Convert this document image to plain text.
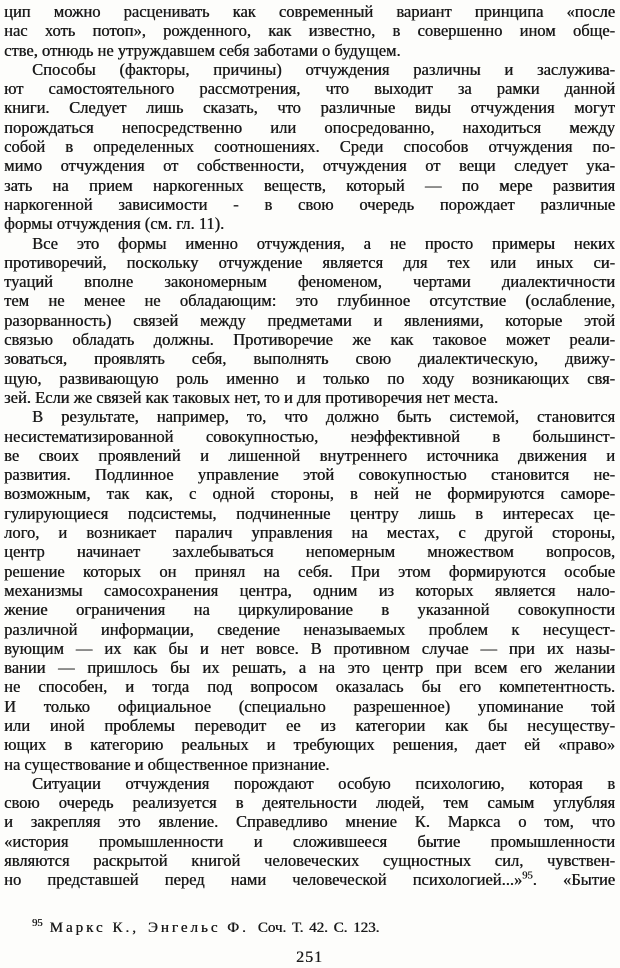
цип можно расценивать как современный вариант принципа «после
нас хоть потоп», рожденного, как известно, в совершенно ином обще-
стве, отнюдь не утруждавшем себя заботами о будущем.
Способы (факторы, причины) отчуждения различны и заслужива-
ют самостоятельного рассмотрения, что выходит за рамки данной
книги. Следует лишь сказать, что различные виды отчуждения могут
порождаться непосредственно или опосредованно, находиться между
собой в определенных соотношениях. Среди способов отчуждения по-
мимо отчуждения от собственности, отчуждения от вещи следует ука-
зать на прием наркогенных веществ, который — по мере развития
наркогенной зависимости - в свою очередь порождает различные
формы отчуждения (см. гл. 11).
Все это формы именно отчуждения, а не просто примеры неких
противоречий, поскольку отчуждение является для тех или иных си-
туаций вполне закономерным феноменом, чертами диалектичности
тем не менее не обладающим: это глубинное отсутствие (ослабление,
разорванность) связей между предметами и явлениями, которые этой
связью обладать должны. Противоречие же как таковое может реали-
зоваться, проявлять себя, выполнять свою диалектическую, движу-
щую, развивающую роль именно и только по ходу возникающих свя-
зей. Если же связей как таковых нет, то и для противоречия нет места.
В результате, например, то, что должно быть системой, становится
несистематизированной совокупностью, неэффективной в большинст-
ве своих проявлений и лишенной внутреннего источника движения и
развития. Подлинное управление этой совокупностью становится не-
возможным, так как, с одной стороны, в ней не формируются саморе-
гулирующиеся подсистемы, подчиненные центру лишь в интересах це-
лого, и возникает паралич управления на местах, с другой стороны,
центр начинает захлебываться непомерным множеством вопросов,
решение которых он принял на себя. При этом формируются особые
механизмы самосохранения центра, одним из которых является нало-
жение ограничения на циркулирование в указанной совокупности
различной информации, сведение неназываемых проблем к несущест-
вующим — их как бы и нет вовсе. В противном случае — при их назы-
вании — пришлось бы их решать, а на это центр при всем его желании
не способен, и тогда под вопросом оказалась бы его компетентность.
И только официальное (специально разрешенное) упоминание той
или иной проблемы переводит ее из категории как бы несуществу-
ющих в категорию реальных и требующих решения, дает ей «право»
на существование и общественное признание.
Ситуации отчуждения порождают особую психологию, которая в
свою очередь реализуется в деятельности людей, тем самым углубляя
и закрепляя это явление. Справедливо мнение К. Маркса о том, что
«история промышленности и сложившееся бытие промышленности
являются раскрытой книгой человеческих сущностных сил, чувствен-
но представшей перед нами человеческой психологией...»$^{95}$. «Бытие
$^{95}$ Маркс К., Энгельс Ф. Соч. Т. 42. С. 123.
251
